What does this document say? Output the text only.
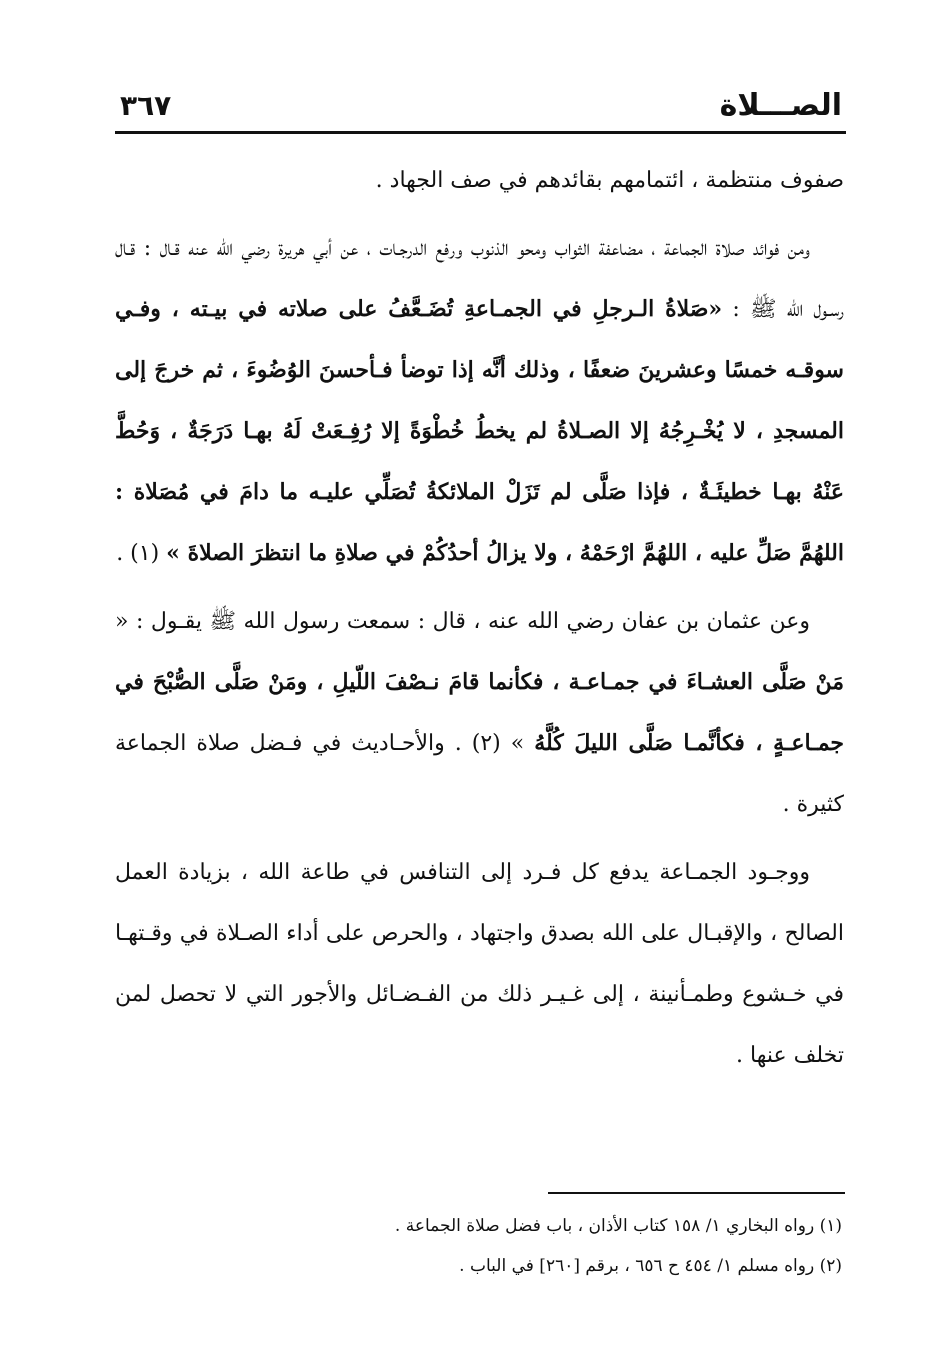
الصـــلاة
٣٦٧

صفوف منتظمة ، ائتمامهم بقائدهم في صف الجهاد .

ومن فوائد صلاة الجماعة ، مضاعفة الثواب ومحو الذنوب ورفع الدرجـات ، عن أبي هريرة رضي الله عنه قـال : قـال رسـول الله ﷺ : «صَلاةُ الـرجلِ في الجمـاعةِ تُضَـعَّفُ على صلاته في بيـته ، وفـي سوقـه خمسًا وعشرينَ ضعفًا ، وذلك أنَّه إذا توضأ فـأحسنَ الوُضُوءَ ، ثم خرجَ إلى المسجدِ ، لا يُخْـرِجُهُ إلا الصـلاةُ لم يخطُ خُطْوَةً إلا رُفِـعَتْ لَهُ بهـا دَرَجَةٌ ، وَحُطَّ عَنْهُ بهـا خطيئَـةٌ ، فإذا صَلَّى لم تَزَلْ الملائكةُ تُصَلِّي عليـه ما دامَ في مُصَلاة : اللهُمَّ صَلِّ عليه ، اللهُمَّ ارْحَمْهُ ، ولا يزالُ أحدُكُمْ في صلاةِ ما انتظرَ الصلاةَ » (١) .

وعن عثمان بن عفان رضي الله عنه ، قال : سمعت رسول الله ﷺ يقـول : « مَنْ صَلَّى العشـاءَ في جمـاعـة ، فكأنما قامَ نـصْفَ اللّيلِ ، ومَنْ صَلَّى الصُّبْحَ في جمـاعـةٍ ، فكأنَّمـا صَلَّى الليلَ كُلَّهُ » (٢) . والأحـاديث في فـضل صلاة الجماعة كثيرة .

ووجـود الجمـاعة يدفع كل فـرد إلى التنافس في طاعة الله ، بزيادة العمل الصالح ، والإقبـال على الله بصدق واجتهاد ، والحرص على أداء الصـلاة في وقـتهـا في خـشوع وطمـأنينة ، إلى غـيـر ذلك من الفـضـائل والأجور التي لا تحصل لمن تخلف عنها .

(١) رواه البخاري ١/ ١٥٨ كتاب الأذان ، باب فضل صلاة الجماعة .

(٢) رواه مسلم ١/ ٤٥٤ ح ٦٥٦ ، برقم [٢٦٠] في الباب .
